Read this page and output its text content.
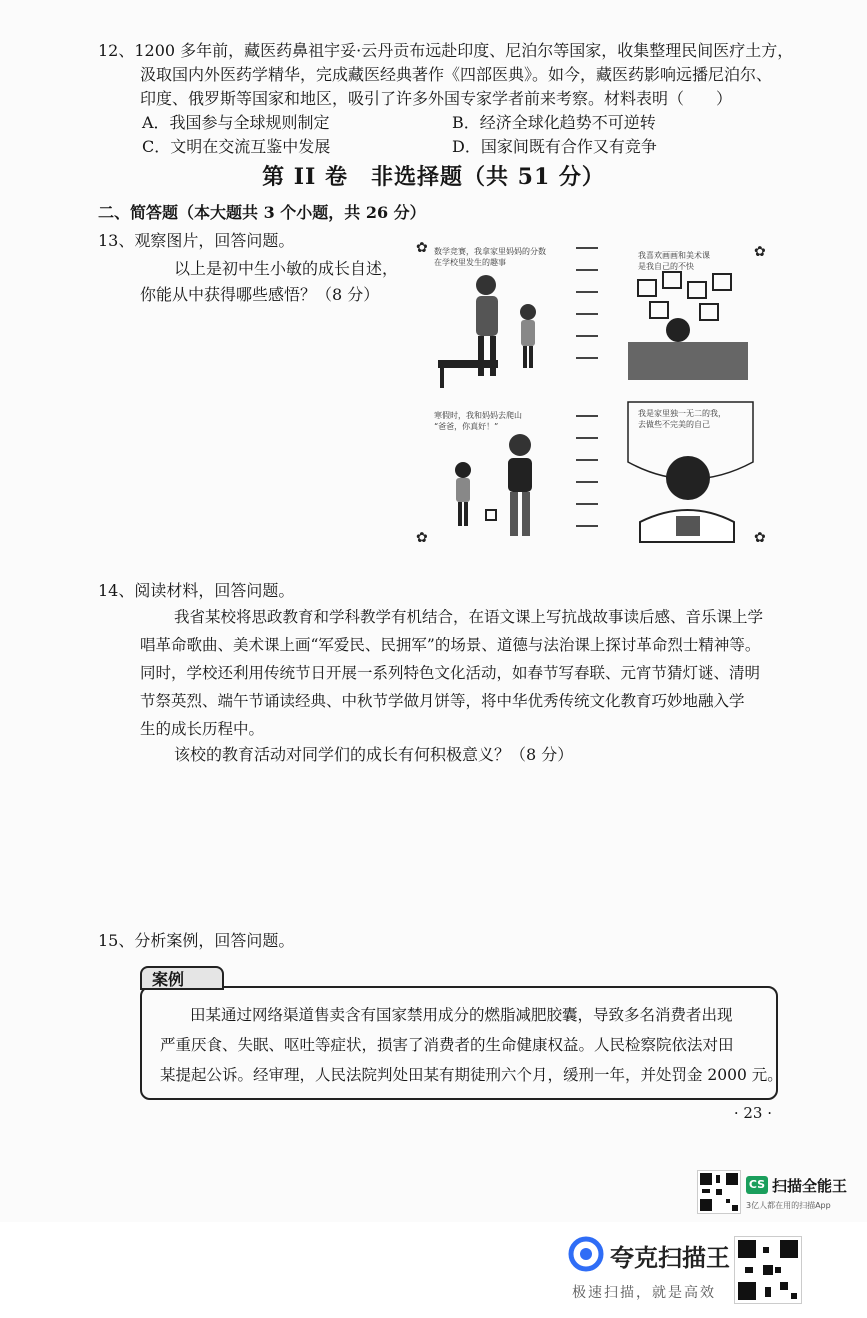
12、1200 多年前，藏医药鼻祖宇妥·云丹贡布远赴印度、尼泊尔等国家，收集整理民间医疗土方，
汲取国内外医药学精华，完成藏医经典著作《四部医典》。如今，藏医药影响远播尼泊尔、
印度、俄罗斯等国家和地区，吸引了许多外国专家学者前来考察。材料表明（　　）
A．我国参与全球规则制定	B．经济全球化趋势不可逆转
C．文明在交流互鉴中发展	D．国家间既有合作又有竞争
第 II 卷　非选择题（共 51 分）
二、简答题（本大题共 3 个小题，共 26 分）
13、观察图片，回答问题。
以上是初中生小敏的成长自述，
你能从中获得哪些感悟？（8 分）
数学竞赛，我拿家里妈妈的分数
在学校里发生的趣事
我喜欢画画和美术课
是我自己的不快
寒假时，我和妈妈去爬山
“爸爸，你真好！”
我是家里独一无二的我，
去做些不完美的自己
✿	✿
✿	✿
14、阅读材料，回答问题。
我省某校将思政教育和学科教学有机结合，在语文课上写抗战故事读后感、音乐课上学
唱革命歌曲、美术课上画“军爱民、民拥军”的场景、道德与法治课上探讨革命烈士精神等。
同时，学校还利用传统节日开展一系列特色文化活动，如春节写春联、元宵节猜灯谜、清明
节祭英烈、端午节诵读经典、中秋节学做月饼等，将中华优秀传统文化教育巧妙地融入学
生的成长历程中。
该校的教育活动对同学们的成长有何积极意义？（8 分）
15、分析案例，回答问题。
案例
田某通过网络渠道售卖含有国家禁用成分的燃脂减肥胶囊，导致多名消费者出现
严重厌食、失眠、呕吐等症状，损害了消费者的生命健康权益。人民检察院依法对田
某提起公诉。经审理，人民法院判处田某有期徒刑六个月，缓刑一年，并处罚金 2000 元。
· 23 ·
CS 扫描全能王
3亿人都在用的扫描App
夸克扫描王
极速扫描，就是高效
